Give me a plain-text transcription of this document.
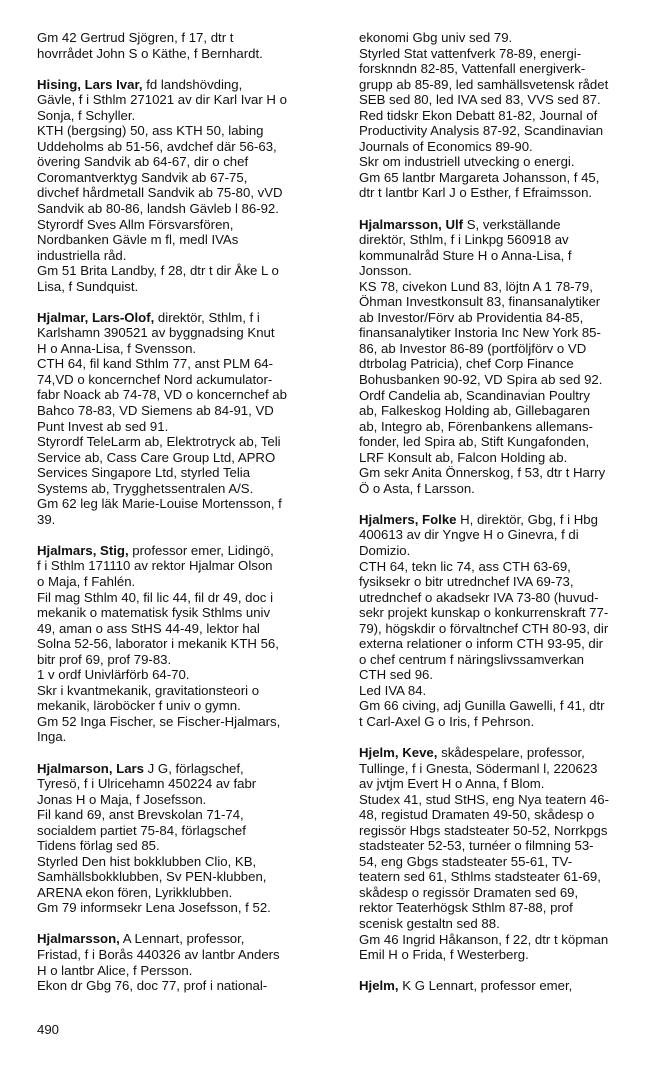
Gm 42 Gertrud Sjögren, f 17, dtr t
hovrrådet John S o Käthe, f Bernhardt.

Hising, Lars Ivar, fd landshövding,
Gävle, f i Sthlm 271021 av dir Karl Ivar H o
Sonja, f Schyller.

KTH (bergsing) 50, ass KTH 50, labing
Uddeholms ab 51-56, avdchef där 56-63,
övering Sandvik ab 64-67, dir o chef
Coromantverktyg Sandvik ab 67-75,
divchef hårdmetall Sandvik ab 75-80, vVD
Sandvik ab 80-86, landsh Gävleb l 86-92.
Styrordf Sves Allm Försvarsfören,
Nordbanken Gävle m fl, medl IVAs
industriella råd.
Gm 51 Brita Landby, f 28, dtr t dir Åke L o
Lisa, f Sundquist.

Hjalmar, Lars-Olof, direktör, Sthlm, f i
Karlshamn 390521 av byggnadsing Knut
H o Anna-Lisa, f Svensson.

CTH 64, fil kand Sthlm 77, anst PLM 64-
74,VD o koncernchef Nord ackumulator-
fabr Noack ab 74-78, VD o koncernchef ab
Bahco 78-83, VD Siemens ab 84-91, VD
Punt Invest ab sed 91.
Styrordf TeleLarm ab, Elektrotryck ab, Teli
Service ab, Cass Care Group Ltd, APRO
Services Singapore Ltd, styrled Telia
Systems ab, Trygghetssentralen A/S.
Gm 62 leg läk Marie-Louise Mortensson, f
39.

Hjalmars, Stig, professor emer, Lidingö,
f i Sthlm 171110 av rektor Hjalmar Olson
o Maja, f Fahlén.

Fil mag Sthlm 40, fil lic 44, fil dr 49, doc i
mekanik o matematisk fysik Sthlms univ
49, aman o ass StHS 44-49, lektor hal
Solna 52-56, laborator i mekanik KTH 56,
bitr prof 69, prof 79-83.
1 v ordf Univlärförb 64-70.
Skr i kvantmekanik, gravitationsteori o
mekanik, läroböcker f univ o gymn.
Gm 52 Inga Fischer, se Fischer-Hjalmars,
Inga.

Hjalmarson, Lars J G, förlagschef,
Tyresö, f i Ulricehamn 450224 av fabr
Jonas H o Maja, f Josefsson.

Fil kand 69, anst Brevskolan 71-74,
socialdem partiet 75-84, förlagschef
Tidens förlag sed 85.
Styrled Den hist bokklubben Clio, KB,
Samhällsbokklubben, Sv PEN-klubben,
ARENA ekon fören, Lyrikklubben.
Gm 79 informsekr Lena Josefsson, f 52.

Hjalmarsson, A Lennart, professor,
Fristad, f i Borås 440326 av lantbr Anders
H o lantbr Alice, f Persson.

Ekon dr Gbg 76, doc 77, prof i national-

ekonomi Gbg univ sed 79.
Styrled Stat vattenfverk 78-89, energi-
forsknndn 82-85, Vattenfall energiverk-
grupp ab 85-89, led samhällsvetensk rådet
SEB sed 80, led IVA sed 83, VVS sed 87.
Red tidskr Ekon Debatt 81-82, Journal of
Productivity Analysis 87-92, Scandinavian
Journals of Economics 89-90.
Skr om industriell utvecking o energi.
Gm 65 lantbr Margareta Johansson, f 45,
dtr t lantbr Karl J o Esther, f Efraimsson.

Hjalmarsson, Ulf S, verkställande
direktör, Sthlm, f i Linkpg 560918 av
kommunalråd Sture H o Anna-Lisa, f
Jonsson.

KS 78, civekon Lund 83, löjtn A 1 78-79,
Öhman Investkonsult 83, finansanalytiker
ab Investor/Förv ab Providentia 84-85,
finansanalytiker Instoria Inc New York 85-
86, ab Investor 86-89 (portföljförv o VD
dtrbolag Patricia), chef Corp Finance
Bohusbanken 90-92, VD Spira ab sed 92.
Ordf Candelia ab, Scandinavian Poultry
ab, Falkeskog Holding ab, Gillebagaren
ab, Integro ab, Förenbankens allemans-
fonder, led Spira ab, Stift Kungafonden,
LRF Konsult ab, Falcon Holding ab.
Gm sekr Anita Önnerskog, f 53, dtr t Harry
Ö o Asta, f Larsson.

Hjalmers, Folke H, direktör, Gbg, f i Hbg
400613 av dir Yngve H o Ginevra, f di
Domizio.

CTH 64, tekn lic 74, ass CTH 63-69,
fysiksekr o bitr utrednchef IVA 69-73,
utrednchef o akadsekr IVA 73-80 (huvud-
sekr projekt kunskap o konkurrenskraft 77-
79), högskdir o förvaltnchef CTH 80-93, dir
externa relationer o inform CTH 93-95, dir
o chef centrum f näringslivssamverkan
CTH sed 96.
Led IVA 84.
Gm 66 civing, adj Gunilla Gawelli, f 41, dtr
t Carl-Axel G o Iris, f Pehrson.

Hjelm, Keve, skådespelare, professor,
Tullinge, f i Gnesta, Södermanl l, 220623
av jvtjm Evert H o Anna, f Blom.

Studex 41, stud StHS, eng Nya teatern 46-
48, registud Dramaten 49-50, skådesp o
regissör Hbgs stadsteater 50-52, Norrkpgs
stadsteater 52-53, turnéer o filmning 53-
54, eng Gbgs stadsteater 55-61, TV-
teatern sed 61, Sthlms stadsteater 61-69,
skådesp o regissör Dramaten sed 69,
rektor Teaterhögsk Sthlm 87-88, prof
scenisk gestaltn sed 88.
Gm 46 Ingrid Håkanson, f 22, dtr t köpman
Emil H o Frida, f Westerberg.

Hjelm, K G Lennart, professor emer,

490
